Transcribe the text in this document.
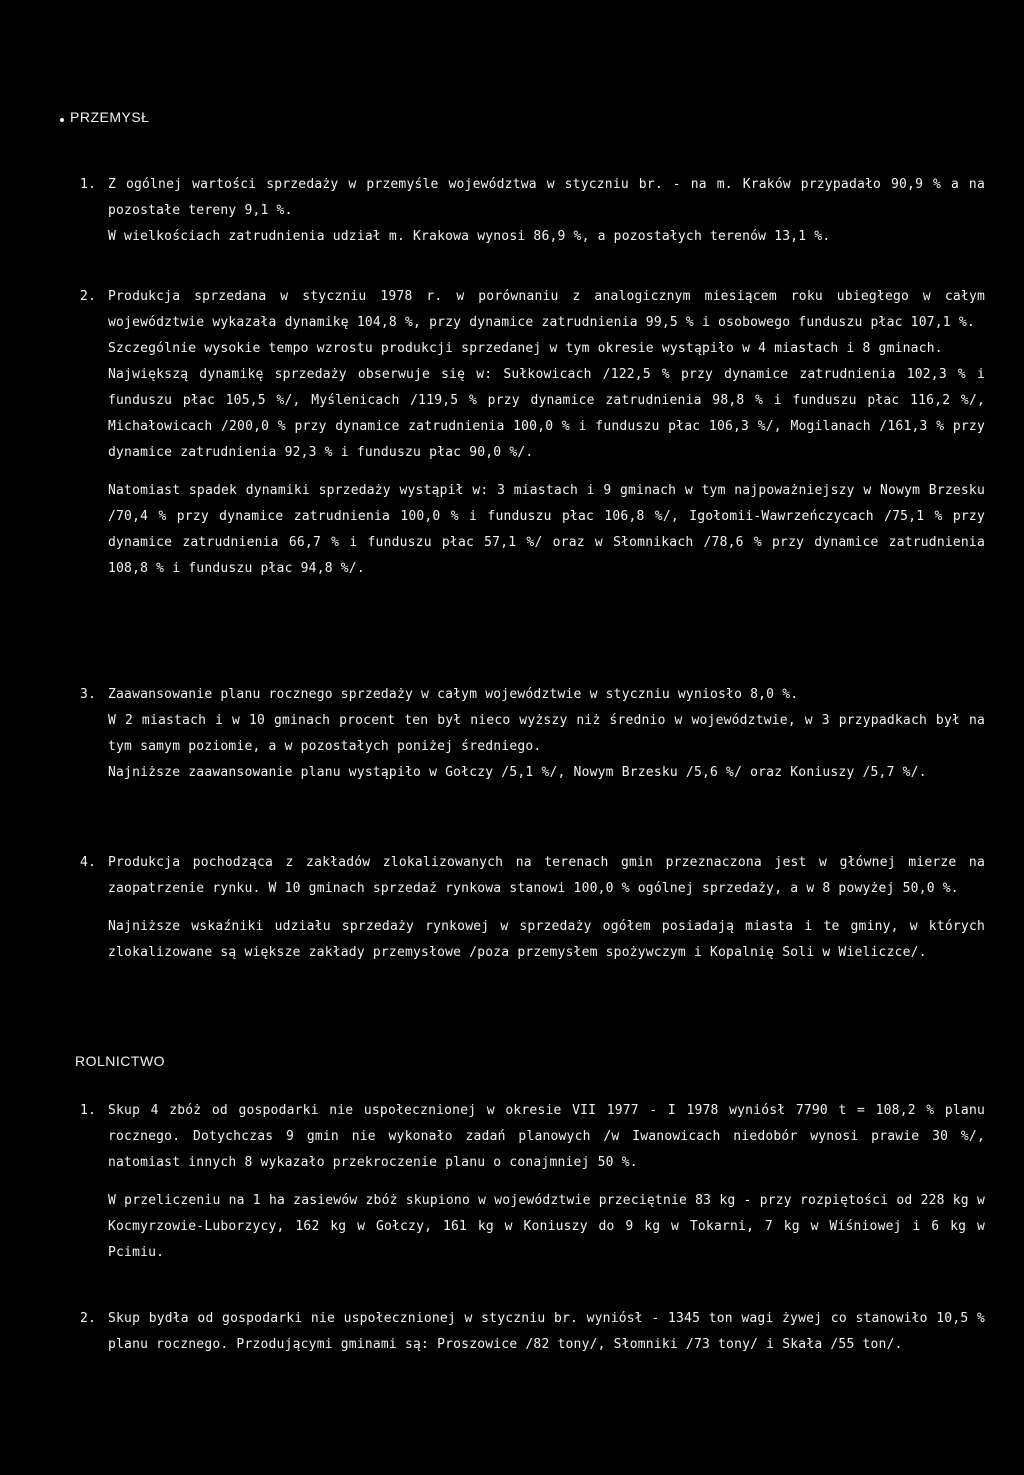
PRZEMYSŁ
1. Z ogólnej wartości sprzedaży w przemyśle województwa w styczniu br. - na m. Kraków przypadało 90,9 % a na pozostałe tereny 9,1 %.

W wielkościach zatrudnienia udział m. Krakowa wynosi 86,9 %, a pozostałych terenów 13,1 %.

2. Produkcja sprzedana w styczniu 1978 r. w porównaniu z analogicznym miesiącem roku ubiegłego w całym województwie wykazała dynamikę 104,8 %, przy dynamice zatrudnienia 99,5 % i osobowego funduszu płac 107,1 %.

Szczególnie wysokie tempo wzrostu produkcji sprzedanej w tym okresie wystąpiło w 4 miastach i 8 gminach.

Największą dynamikę sprzedaży obserwuje się w: Sułkowicach /122,5 % przy dynamice zatrudnienia 102,3 % i funduszu płac 105,5 %/, Myślenicach /119,5 % przy dynamice zatrudnienia 98,8 % i funduszu płac 116,2 %/, Michałowicach /200,0 % przy dynamice zatrudnienia 100,0 % i funduszu płac 106,3 %/, Mogilanach /161,3 % przy dynamice zatrudnienia 92,3 % i funduszu płac 90,0 %/.

Natomiast spadek dynamiki sprzedaży wystąpił w: 3 miastach i 9 gminach w tym najpoważniejszy w Nowym Brzesku /70,4 % przy dynamice zatrudnienia 100,0 % i funduszu płac 106,8 %/, Igołomii-Wawrzeńczycach /75,1 % przy dynamice zatrudnienia 66,7 % i funduszu płac 57,1 %/ oraz w Słomnikach /78,6 % przy dynamice zatrudnienia 108,8 % i funduszu płac 94,8 %/.

3. Zaawansowanie planu rocznego sprzedaży w całym województwie w styczniu wyniosło 8,0 %.

W 2 miastach i w 10 gminach procent ten był nieco wyższy niż średnio w województwie, w 3 przypadkach był na tym samym poziomie, a w pozostałych poniżej średniego.

Najniższe zaawansowanie planu wystąpiło w Gołczy /5,1 %/, Nowym Brzesku /5,6 %/ oraz Koniuszy /5,7 %/.

4. Produkcja pochodząca z zakładów zlokalizowanych na terenach gmin przeznaczona jest w głównej mierze na zaopatrzenie rynku. W 10 gminach sprzedaż rynkowa stanowi 100,0 % ogólnej sprzedaży, a w 8 powyżej 50,0 %.

Najniższe wskaźniki udziału sprzedaży rynkowej w sprzedaży ogółem posiadają miasta i te gminy, w których zlokalizowane są większe zakłady przemysłowe /poza przemysłem spożywczym i Kopalnię Soli w Wieliczce/.

ROLNICTWO
1. Skup 4 zbóż od gospodarki nie uspołecznionej w okresie VII 1977 - I 1978 wyniósł 7790 t = 108,2 % planu rocznego. Dotychczas 9 gmin nie wykonało zadań planowych /w Iwanowicach niedobór wynosi prawie 30 %/, natomiast innych 8 wykazało przekroczenie planu o conajmniej 50 %.

W przeliczeniu na 1 ha zasiewów zbóż skupiono w województwie przeciętnie 83 kg - przy rozpiętości od 228 kg w Kocmyrzowie-Luborzycy, 162 kg w Gołczy, 161 kg w Koniuszy do 9 kg w Tokarni, 7 kg w Wiśniowej i 6 kg w Pcimiu.

2. Skup bydła od gospodarki nie uspołecznionej w styczniu br. wyniósł - 1345 ton wagi żywej co stanowiło 10,5 % planu rocznego. Przodującymi gminami są: Proszowice /82 tony/, Słomniki /73 tony/ i Skała /55 ton/.
